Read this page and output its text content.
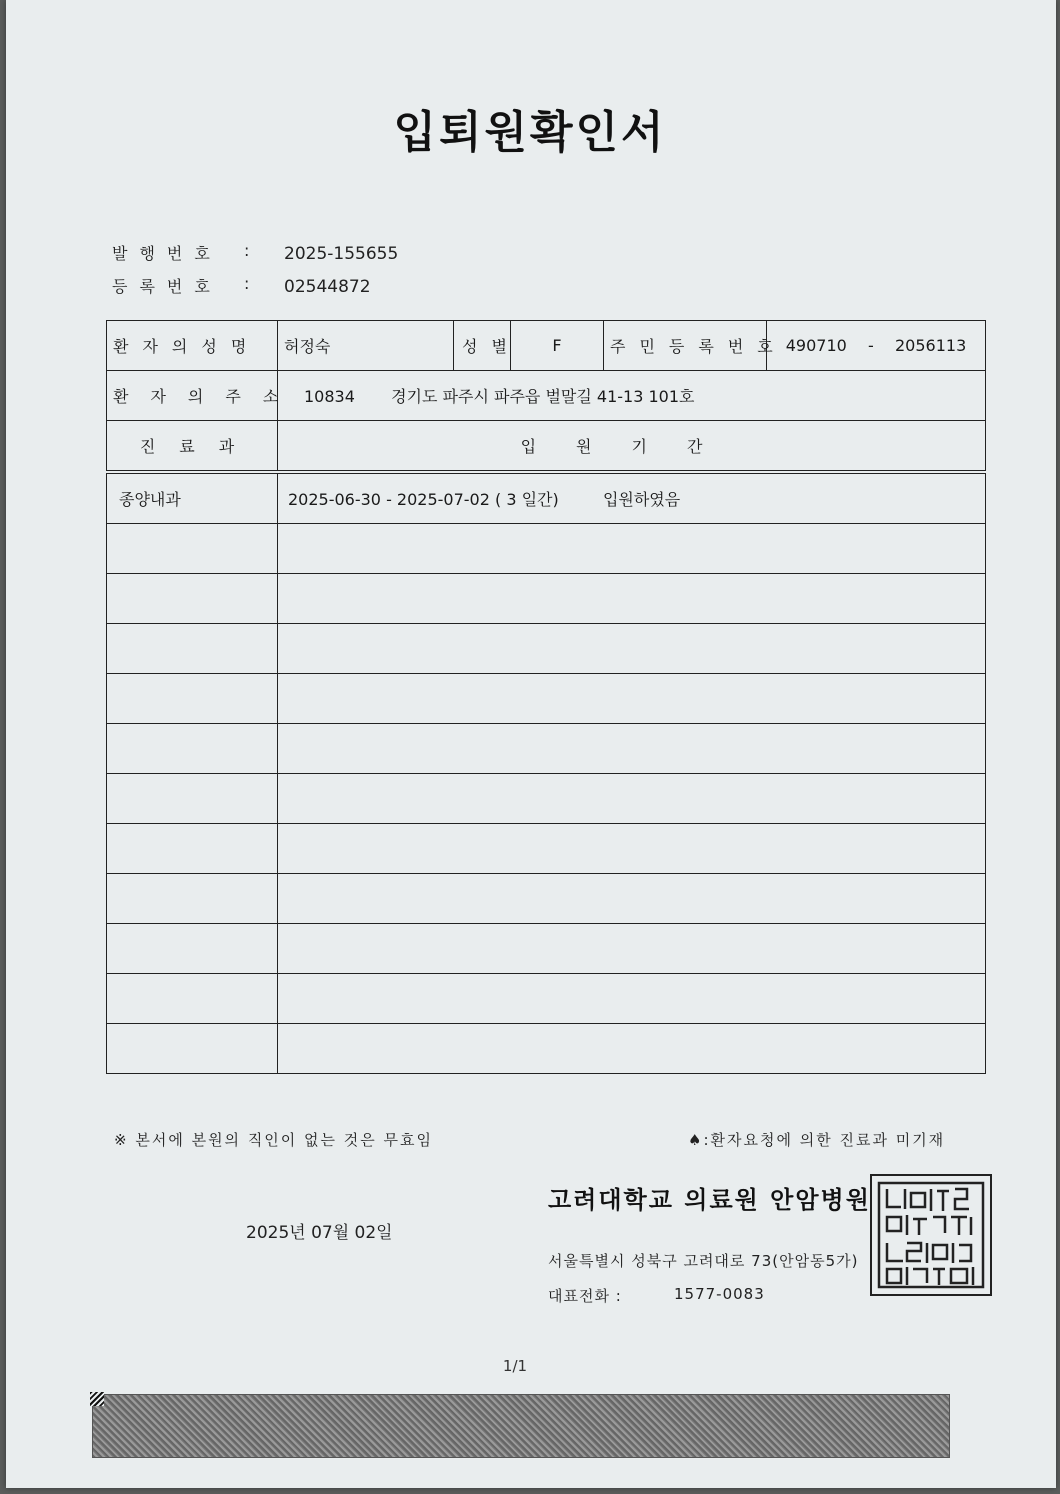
입퇴원확인서
발행번호 : 2025-155655
등록번호 : 02544872
환자의성명	허정숙	성별	F	주민등록번호	490710 - 2056113
환자의주소	10834 경기도 파주시 파주읍 벌말길 41-13 101호				
진료과	입원기간				
종양내과	2025-06-30 - 2025-07-02 ( 3 일간) 입원하였음				

※ 본서에 본원의 직인이 없는 것은 무효임	♠:환자요청에 의한 진료과 미기재
고려대학교 의료원 안암병원
2025년 07월 02일
서울특별시 성북구 고려대로 73(안암동5가)
대표전화 :	1577-0083
1/1
